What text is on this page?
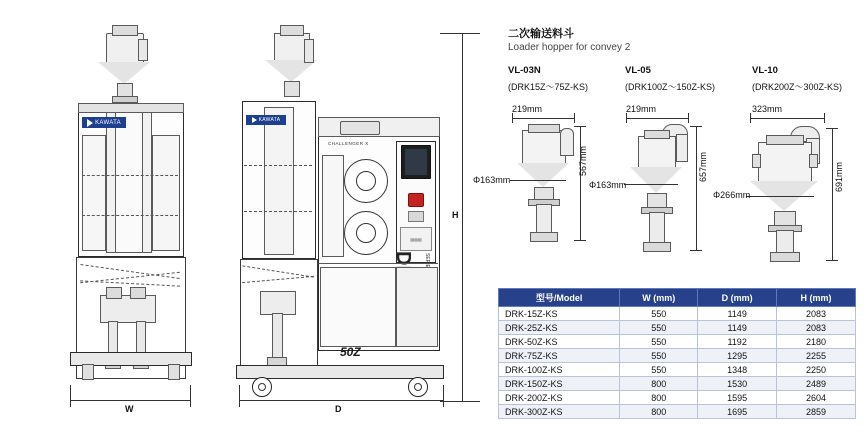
KAWATA
W
KAWATA
CHALLENGER X
▤▤▤
50Z
D
H
二次输送料斗
Loader hopper for convey 2
VL-03N
(DRK15Z～75Z-KS)
219mm
Φ163mm
567mm
VL-05
(DRK100Z～150Z-KS)
219mm
Φ163mm
657mm
VL-10
(DRK200Z～300Z-KS)
323mm
Φ266mm
691mm
型号/Model	W (mm)	D (mm)	H (mm)
DRK-15Z-KS	550	1149	2083
DRK-25Z-KS	550	1149	2083
DRK-50Z-KS	550	1192	2180
DRK-75Z-KS	550	1295	2255
DRK-100Z-KS	550	1348	2250
DRK-150Z-KS	800	1530	2489
DRK-200Z-KS	800	1595	2604
DRK-300Z-KS	800	1695	2859
